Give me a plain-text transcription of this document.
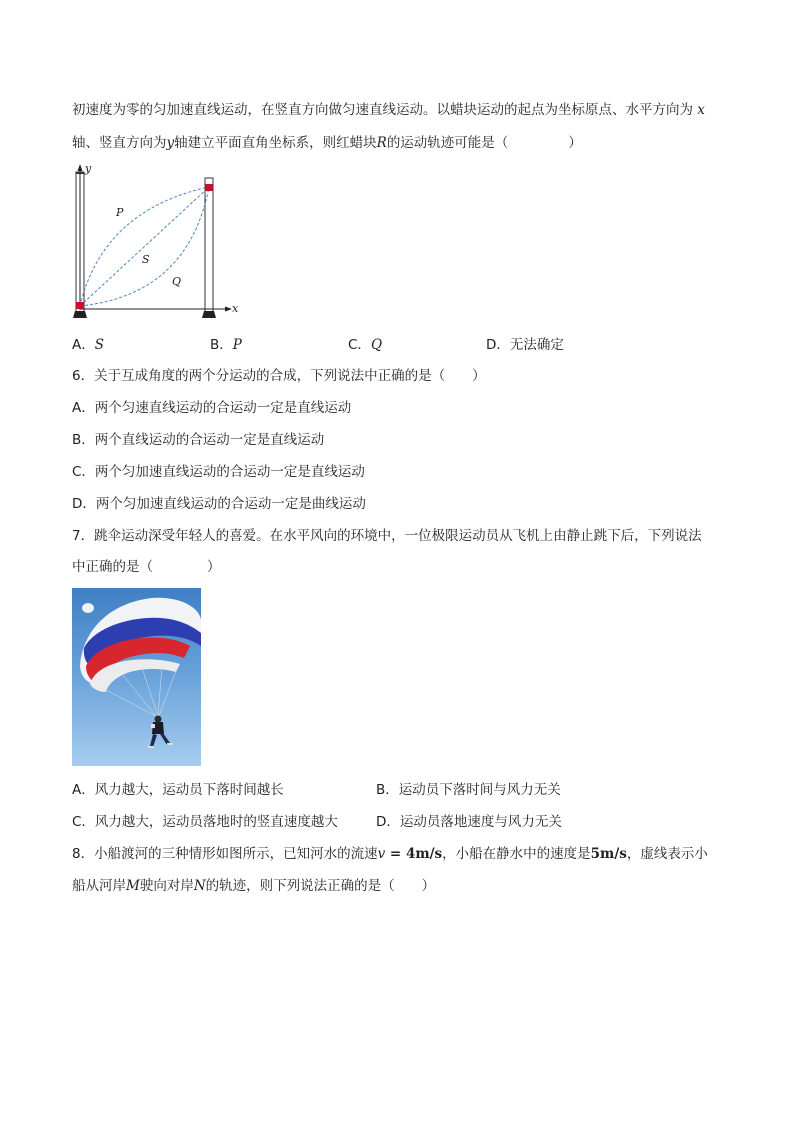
初速度为零的匀加速直线运动，在竖直方向做匀速直线运动。以蜡块运动的起点为坐标原点、水平方向为 x
轴、竖直方向为y轴建立平面直角坐标系，则红蜡块R的运动轨迹可能是（	）
y
x
P
S
Q
A．S	B．P	C．Q	D．无法确定
6．关于互成角度的两个分运动的合成，下列说法中正确的是（　　）
A．两个匀速直线运动的合运动一定是直线运动
B．两个直线运动的合运动一定是直线运动
C．两个匀加速直线运动的合运动一定是直线运动
D．两个匀加速直线运动的合运动一定是曲线运动
7．跳伞运动深受年轻人的喜爱。在水平风向的环境中，一位极限运动员从飞机上由静止跳下后，下列说法
中正确的是（　　　　）
A．风力越大，运动员下落时间越长	B．运动员下落时间与风力无关
C．风力越大，运动员落地时的竖直速度越大	D．运动员落地速度与风力无关
8．小船渡河的三种情形如图所示，已知河水的流速v = 4m/s，小船在静水中的速度是5m/s，虚线表示小
船从河岸M驶向对岸N的轨迹，则下列说法正确的是（　　）
